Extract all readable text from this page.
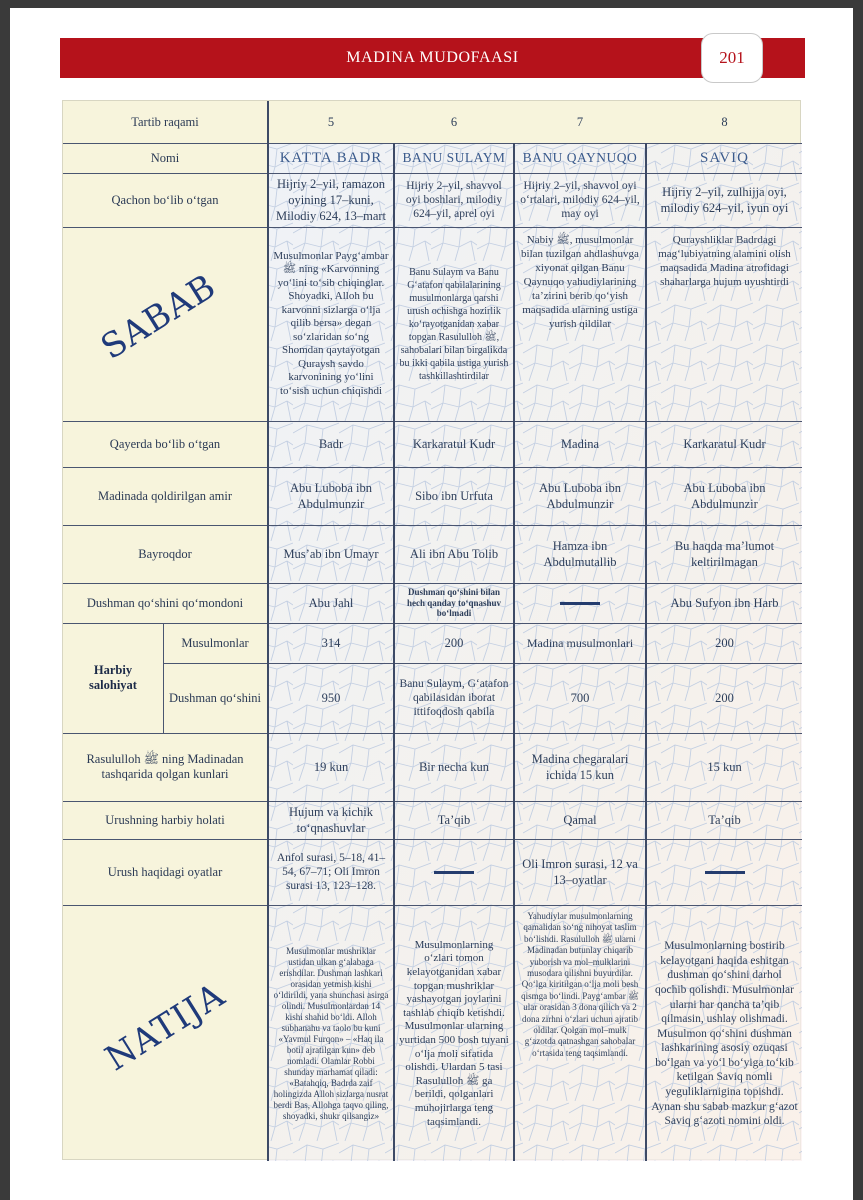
MADINA MUDOFAASI	201
Tartib raqami
Nomi
Qachon bo‘lib o‘tgan
SABAB
Qayerda bo‘lib o‘tgan
Madinada qoldirilgan amir
Bayroqdor
Dushman qo‘shini qo‘mondoni
Harbiy salohiyat
Musulmonlar
Dushman qo‘shini
Rasululloh ﷺ ning Madinadan tashqarida qolgan kunlari
Urushning harbiy holati
Urush haqidagi oyatlar
NATIJA
5
KATTA BADR
Hijriy 2–yil, ramazon oyining 17–kuni, Milodiy 624, 13–mart
Musulmonlar Payg‘ambar ﷺ ning «Karvonning yo‘lini to‘sib chiqinglar. Shoyadki, Alloh bu karvonni sizlarga o‘lja qilib bersa» degan so‘zlaridan so‘ng Shomdan qaytayotgan Quraysh savdo karvonining yo‘lini to‘sish uchun chiqishdi
Badr
Abu Luboba ibn Abdulmunzir
Mus’ab ibn Umayr
Abu Jahl
314
950
19 kun
Hujum va kichik to‘qnashuvlar
Anfol surasi, 5–18, 41–54, 67–71; Oli Imron surasi 13, 123–128.
Musulmonlar mushriklar ustidan ulkan g‘alabaga erishdilar. Dushman lashkari orasidan yetmish kishi o‘ldirildi, yana shunchasi asirga olindi. Musulmonlardan 14 kishi shahid bo‘ldi. Alloh subhanahu va taolo bu kuni «Yavmul Furqon» – «Haq ila botil ajratilgan kun» deb nomladi. Olamlar Robbi shunday marhamat qiladi: «Batahqiq, Badrda zaif holingizda Alloh sizlarga nusrat berdi Bas, Allohga taqvo qiling, shoyadki, shukr qilsangiz»
6
BANU SULAYM
Hijriy 2–yil, shavvol oyi boshlari, milodiy 624–yil, aprel oyi
Banu Sulaym va Banu G‘atafon qabilalarining musulmonlarga qarshi urush ochishga hozirlik ko‘rayotganidan xabar topgan Rasululloh ﷺ, sahobalari bilan birgalikda bu ikki qabila ustiga yurish tashkillashtirdilar
Karkaratul Kudr
Sibo ibn Urfuta
Ali ibn Abu Tolib
Dushman qo‘shini bilan hech qanday to‘qnashuv bo‘lmadi
200
Banu Sulaym, G‘atafon qabilasidan iborat ittifoqdosh qabila
Bir necha kun
Ta’qib
Musulmonlarning o‘zlari tomon kelayotganidan xabar topgan mushriklar yashayotgan joylarini tashlab chiqib ketishdi. Musulmonlar ularning yurtidan 500 bosh tuyani o‘lja moli sifatida olishdi. Ulardan 5 tasi Rasululloh ﷺ ga berildi, qolganlari muhojirlarga teng taqsimlandi.
7
BANU QAYNUQO
Hijriy 2–yil, shavvol oyi o‘rtalari, milodiy 624–yil, may oyi
Nabiy ﷺ, musulmonlar bilan tuzilgan ahdlashuvga xiyonat qilgan Banu Qaynuqo yahudiylarining ta’zirini berib qo‘yish maqsadida ularning ustiga yurish qildilar
Madina
Abu Luboba ibn Abdulmunzir
Hamza ibn Abdulmutallib
Madina musulmonlari
700
Madina chegaralari ichida 15 kun
Qamal
Oli Imron surasi, 12 va 13–oyatlar
Yahudiylar musulmonlarning qamalidan so‘ng nihoyat taslim bo‘lishdi. Rasululloh ﷺ ularni Madinadan butunlay chiqarib yuborish va mol–mulklarini musodara qilishni buyurdilar. Qo‘lga kiritilgan o‘lja moli besh qismga bo‘lindi. Payg‘ambar ﷺ ular orasidan 3 dona qilich va 2 dona zirhni o‘zlari uchun ajratib oldilar. Qolgan mol–mulk g‘azotda qatnashgan sahobalar o‘rtasida teng taqsimlandi.
8
SAVIQ
Hijriy 2–yil, zulhijja oyi, milodiy 624–yil, iyun oyi
Qurayshliklar Badrdagi mag‘lubiyatning alamini olish maqsadida Madina atrofidagi shaharlarga hujum uyushtirdi
Karkaratul Kudr
Abu Luboba ibn Abdulmunzir
Bu haqda ma’lumot keltirilmagan
Abu Sufyon ibn Harb
200
200
15 kun
Ta’qib
Musulmonlarning bostirib kelayotgani haqida eshitgan dushman qo‘shini darhol qochib qolishdi. Musulmonlar ularni har qancha ta’qib qilmasin, ushlay olishmadi. Musulmon qo‘shini dushman lashkarining asosiy ozuqasi bo‘lgan va yo‘l bo‘yiga to‘kib ketilgan Saviq nomli yeguliklarnigina topishdi. Aynan shu sabab mazkur g‘azot Saviq g‘azoti nomini oldi.
